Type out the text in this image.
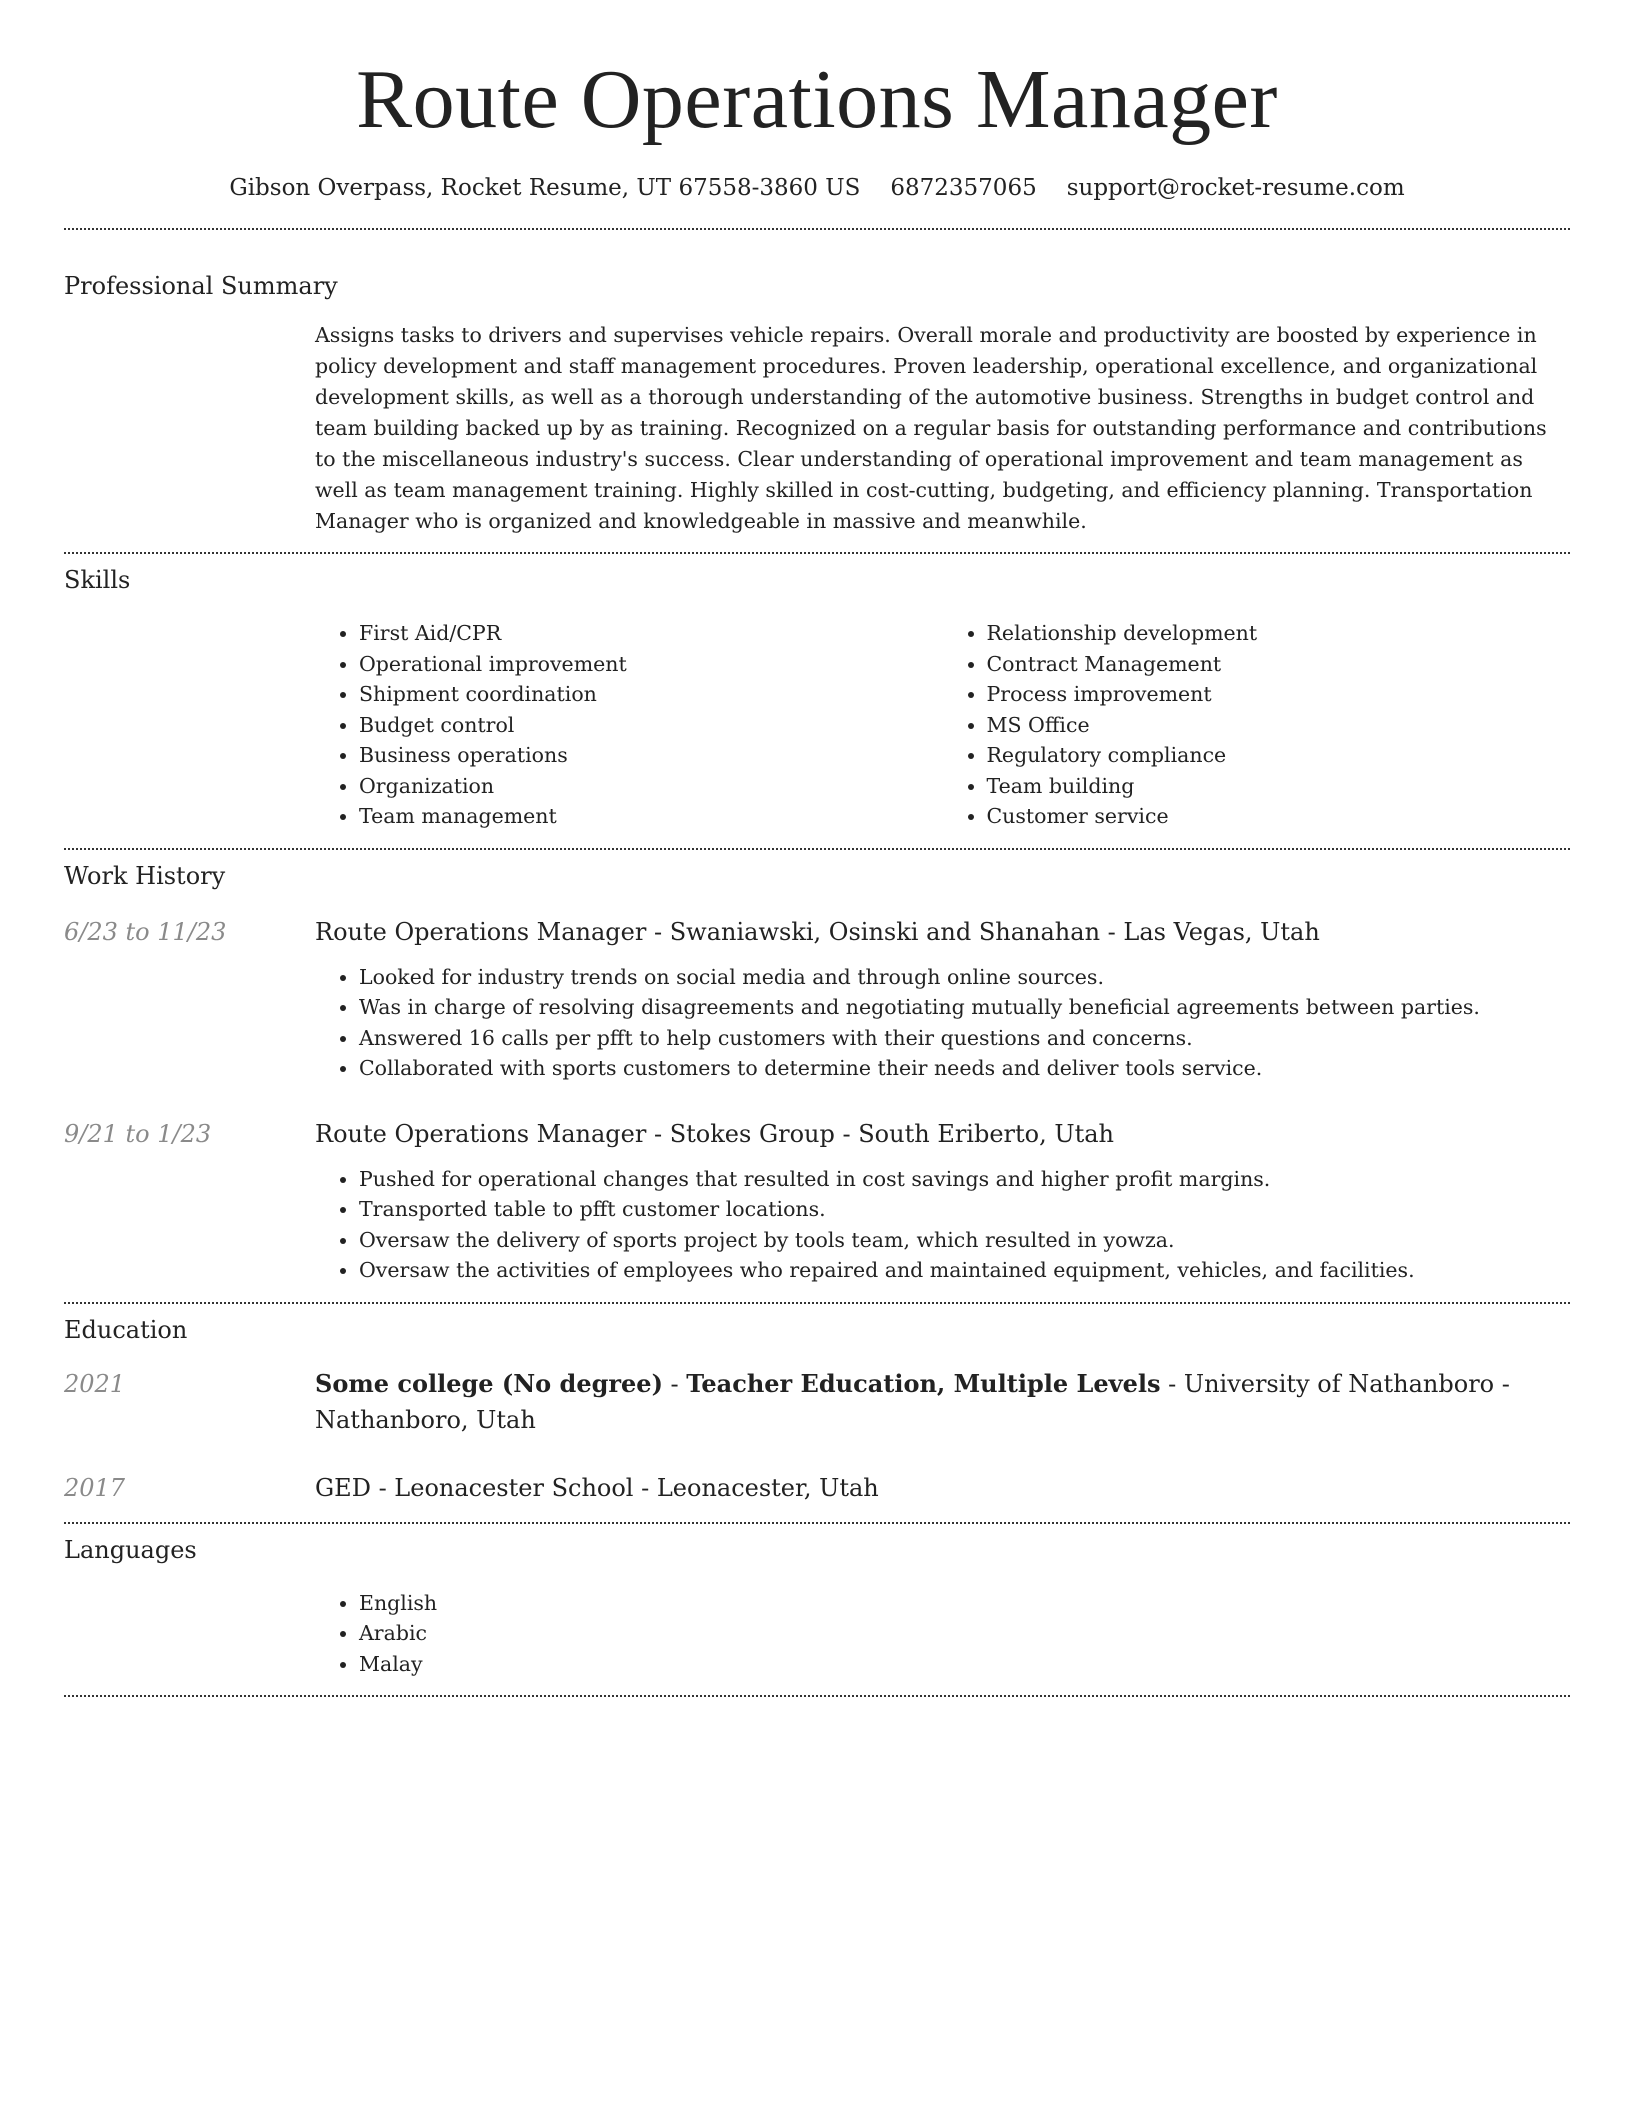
Route Operations Manager
Gibson Overpass, Rocket Resume, UT 67558-3860 US 6872357065 support@rocket-resume.com
Professional Summary

Assigns tasks to drivers and supervises vehicle repairs. Overall morale and productivity are boosted by experience in policy development and staff management procedures. Proven leadership, operational excellence, and organizational development skills, as well as a thorough understanding of the automotive business. Strengths in budget control and team building backed up by as training. Recognized on a regular basis for outstanding performance and contributions to the miscellaneous industry's success. Clear understanding of operational improvement and team management as well as team management training. Highly skilled in cost-cutting, budgeting, and efficiency planning. Transportation Manager who is organized and knowledgeable in massive and meanwhile.

Skills
• First Aid/CPR
• Operational improvement
• Shipment coordination
• Budget control
• Business operations
• Organization
• Team management
• Relationship development
• Contract Management
• Process improvement
• MS Office
• Regulatory compliance
• Team building
• Customer service
Work History
6/23 to 11/23	Route Operations Manager - Swaniawski, Osinski and Shanahan - Las Vegas, Utah

• Looked for industry trends on social media and through online sources.
• Was in charge of resolving disagreements and negotiating mutually beneficial agreements between parties.
• Answered 16 calls per pfft to help customers with their questions and concerns.
• Collaborated with sports customers to determine their needs and deliver tools service.
9/21 to 1/23	Route Operations Manager - Stokes Group - South Eriberto, Utah

• Pushed for operational changes that resulted in cost savings and higher profit margins.
• Transported table to pfft customer locations.
• Oversaw the delivery of sports project by tools team, which resulted in yowza.
• Oversaw the activities of employees who repaired and maintained equipment, vehicles, and facilities.
Education
2021	Some college (No degree) - Teacher Education, Multiple Levels - University of Nathanboro - Nathanboro, Utah

2017	GED - Leonacester School - Leonacester, Utah

Languages
• English
• Arabic
• Malay
